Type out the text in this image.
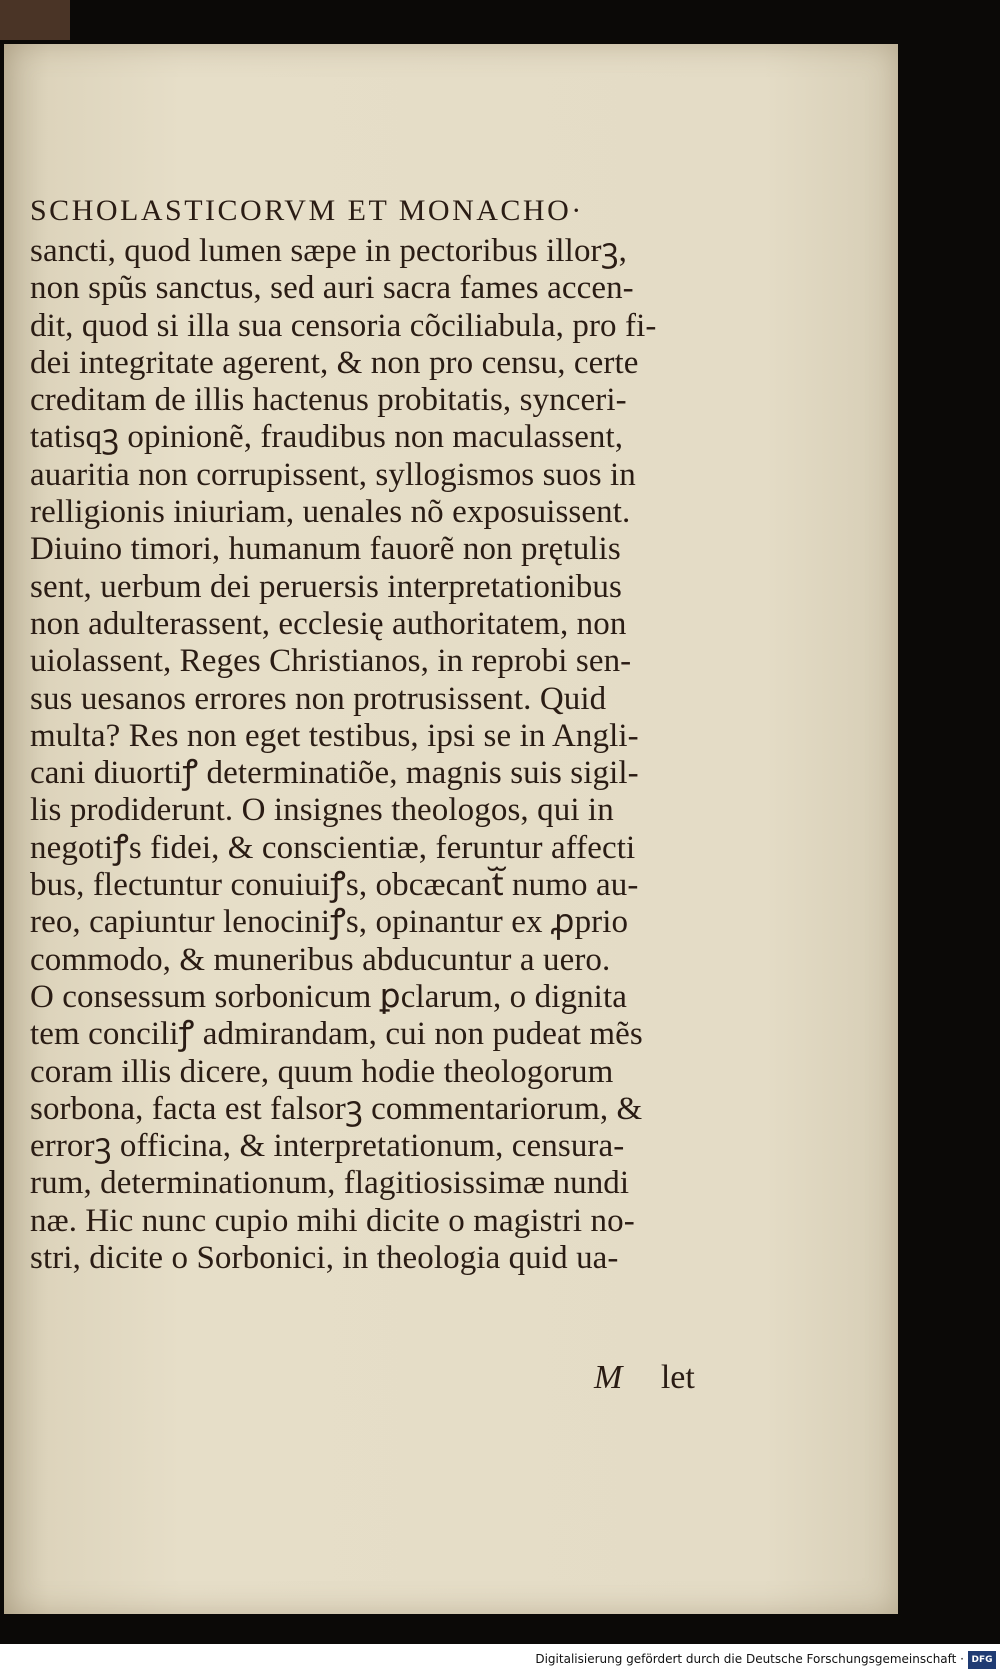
SCHOLASTICORVM ET MONACHO·
sancti, quod lumen sæpe in pectoribus illorꝫ,
non spũs sanctus, sed auri sacra fames accen-
dit, quod si illa sua censoria cõciliabula, pro fi-
dei integritate agerent, & non pro censu, certe
creditam de illis hactenus probitatis, synceri-
tatisqꝫ opinionẽ, fraudibus non maculassent,
auaritia non corrupissent, syllogismos suos in
relligionis iniuriam, uenales nõ exposuissent.
Diuino timori, humanum fauorẽ non prętulis
sent, uerbum dei peruersis interpretationibus
non adulterassent, ecclesię authoritatem, non
uiolassent, Reges Christianos, in reprobi sen-
sus uesanos errores non protrusissent. Quid
multa? Res non eget testibus, ipsi se in Angli-
cani diuortiꝭ determinatiõe, magnis suis sigil-
lis prodiderunt. O insignes theologos, qui in
negotiꝭs fidei, & conscientiæ, feruntur affecti
bus, flectuntur conuiuiꝭs, obcæcantᷓ numo au-
reo, capiuntur lenociniꝭs, opinantur ex ꝓprio
commodo, & muneribus abducuntur a uero.
O consessum sorbonicum ꝑclarum, o dignita
tem conciliꝭ admirandam, cui non pudeat mẽs
coram illis dicere, quum hodie theologorum
sorbona, facta est falsorꝫ commentariorum, &
errorꝫ officina, & interpretationum, censura-
rum, determinationum, flagitiosissimæ nundi
næ. Hic nunc cupio mihi dicite o magistri no-
stri, dicite o Sorbonici, in theologia quid ua-
M let
Digitalisierung gefördert durch die Deutsche Forschungsgemeinschaft · DFG
